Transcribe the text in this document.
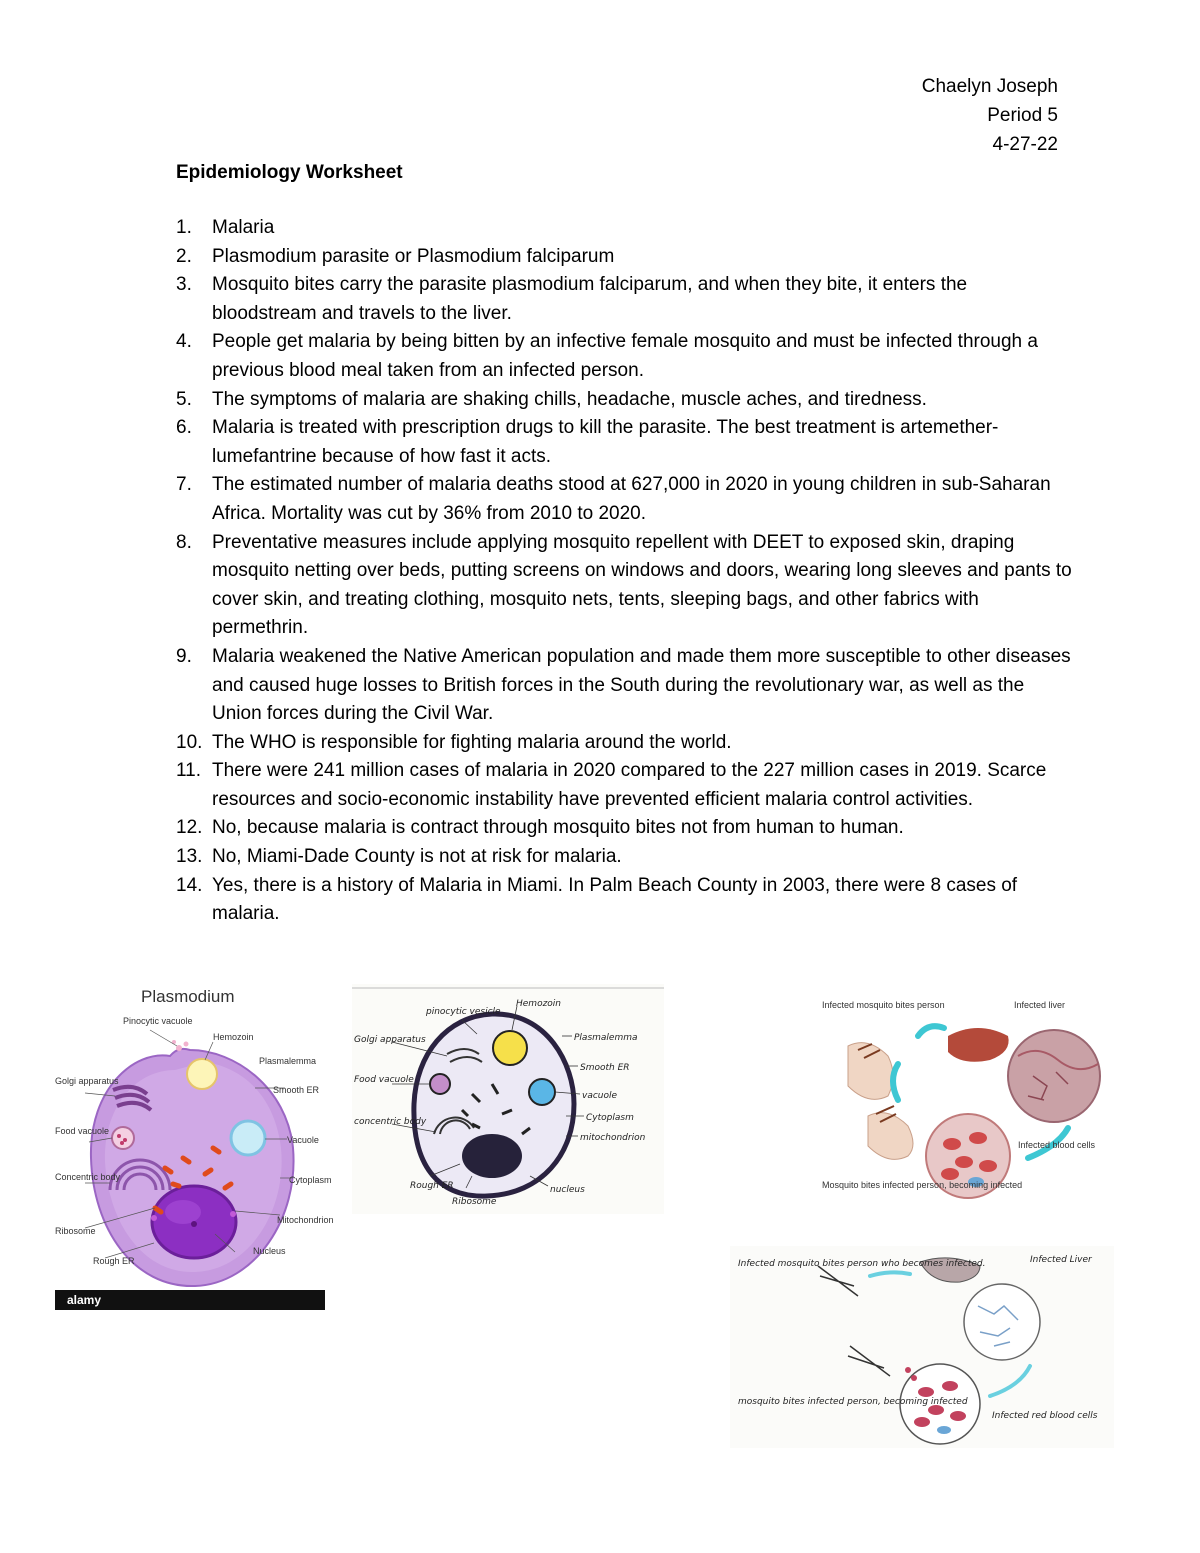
Chaelyn Joseph
Period 5
4-27-22
Epidemiology Worksheet
1. Malaria
2. Plasmodium parasite or Plasmodium falciparum
3. Mosquito bites carry the parasite plasmodium falciparum, and when they bite, it enters the bloodstream and travels to the liver.
4. People get malaria by being bitten by an infective female mosquito and must be infected through a previous blood meal taken from an infected person.
5. The symptoms of malaria are shaking chills, headache, muscle aches, and tiredness.
6. Malaria is treated with prescription drugs to kill the parasite. The best treatment is artemether-lumefantrine because of how fast it acts.
7. The estimated number of malaria deaths stood at 627,000 in 2020 in young children in sub-Saharan Africa. Mortality was cut by 36% from 2010 to 2020.
8. Preventative measures include applying mosquito repellent with DEET to exposed skin, draping mosquito netting over beds, putting screens on windows and doors, wearing long sleeves and pants to cover skin, and treating clothing, mosquito nets, tents, sleeping bags, and other fabrics with permethrin.
9. Malaria weakened the Native American population and made them more susceptible to other diseases and caused huge losses to British forces in the South during the revolutionary war, as well as the Union forces during the Civil War.
10. The WHO is responsible for fighting malaria around the world.
11. There were 241 million cases of malaria in 2020 compared to the 227 million cases in 2019. Scarce resources and socio-economic instability have prevented efficient malaria control activities.
12. No, because malaria is contract through mosquito bites not from human to human.
13. No, Miami-Dade County is not at risk for malaria.
14. Yes, there is a history of Malaria in Miami. In Palm Beach County in 2003, there were 8 cases of malaria.
Plasmodium
Pinocytic vacuole
Hemozoin
Plasmalemma
Golgi apparatus
Smooth ER
Food vacuole
Vacuole
Concentric body	Cytoplasm
Mitochondrion
Ribosome
Nucleus
Rough ER
alamy
pinocytic vesicle
Golgi apparatus
Food vacuole
concentric body
Rough ER
Ribosome
Hemozoin
Plasmalemma
Smooth ER
vacuole
Cytoplasm
mitochondrion
nucleus
Infected mosquito bites person	Infected liver
Mosquito bites infected person, becoming infected
Infected blood cells
Infected mosquito bites person who becomes infected.	Infected Liver
mosquito bites infected person, becoming infected
Infected red blood cells
